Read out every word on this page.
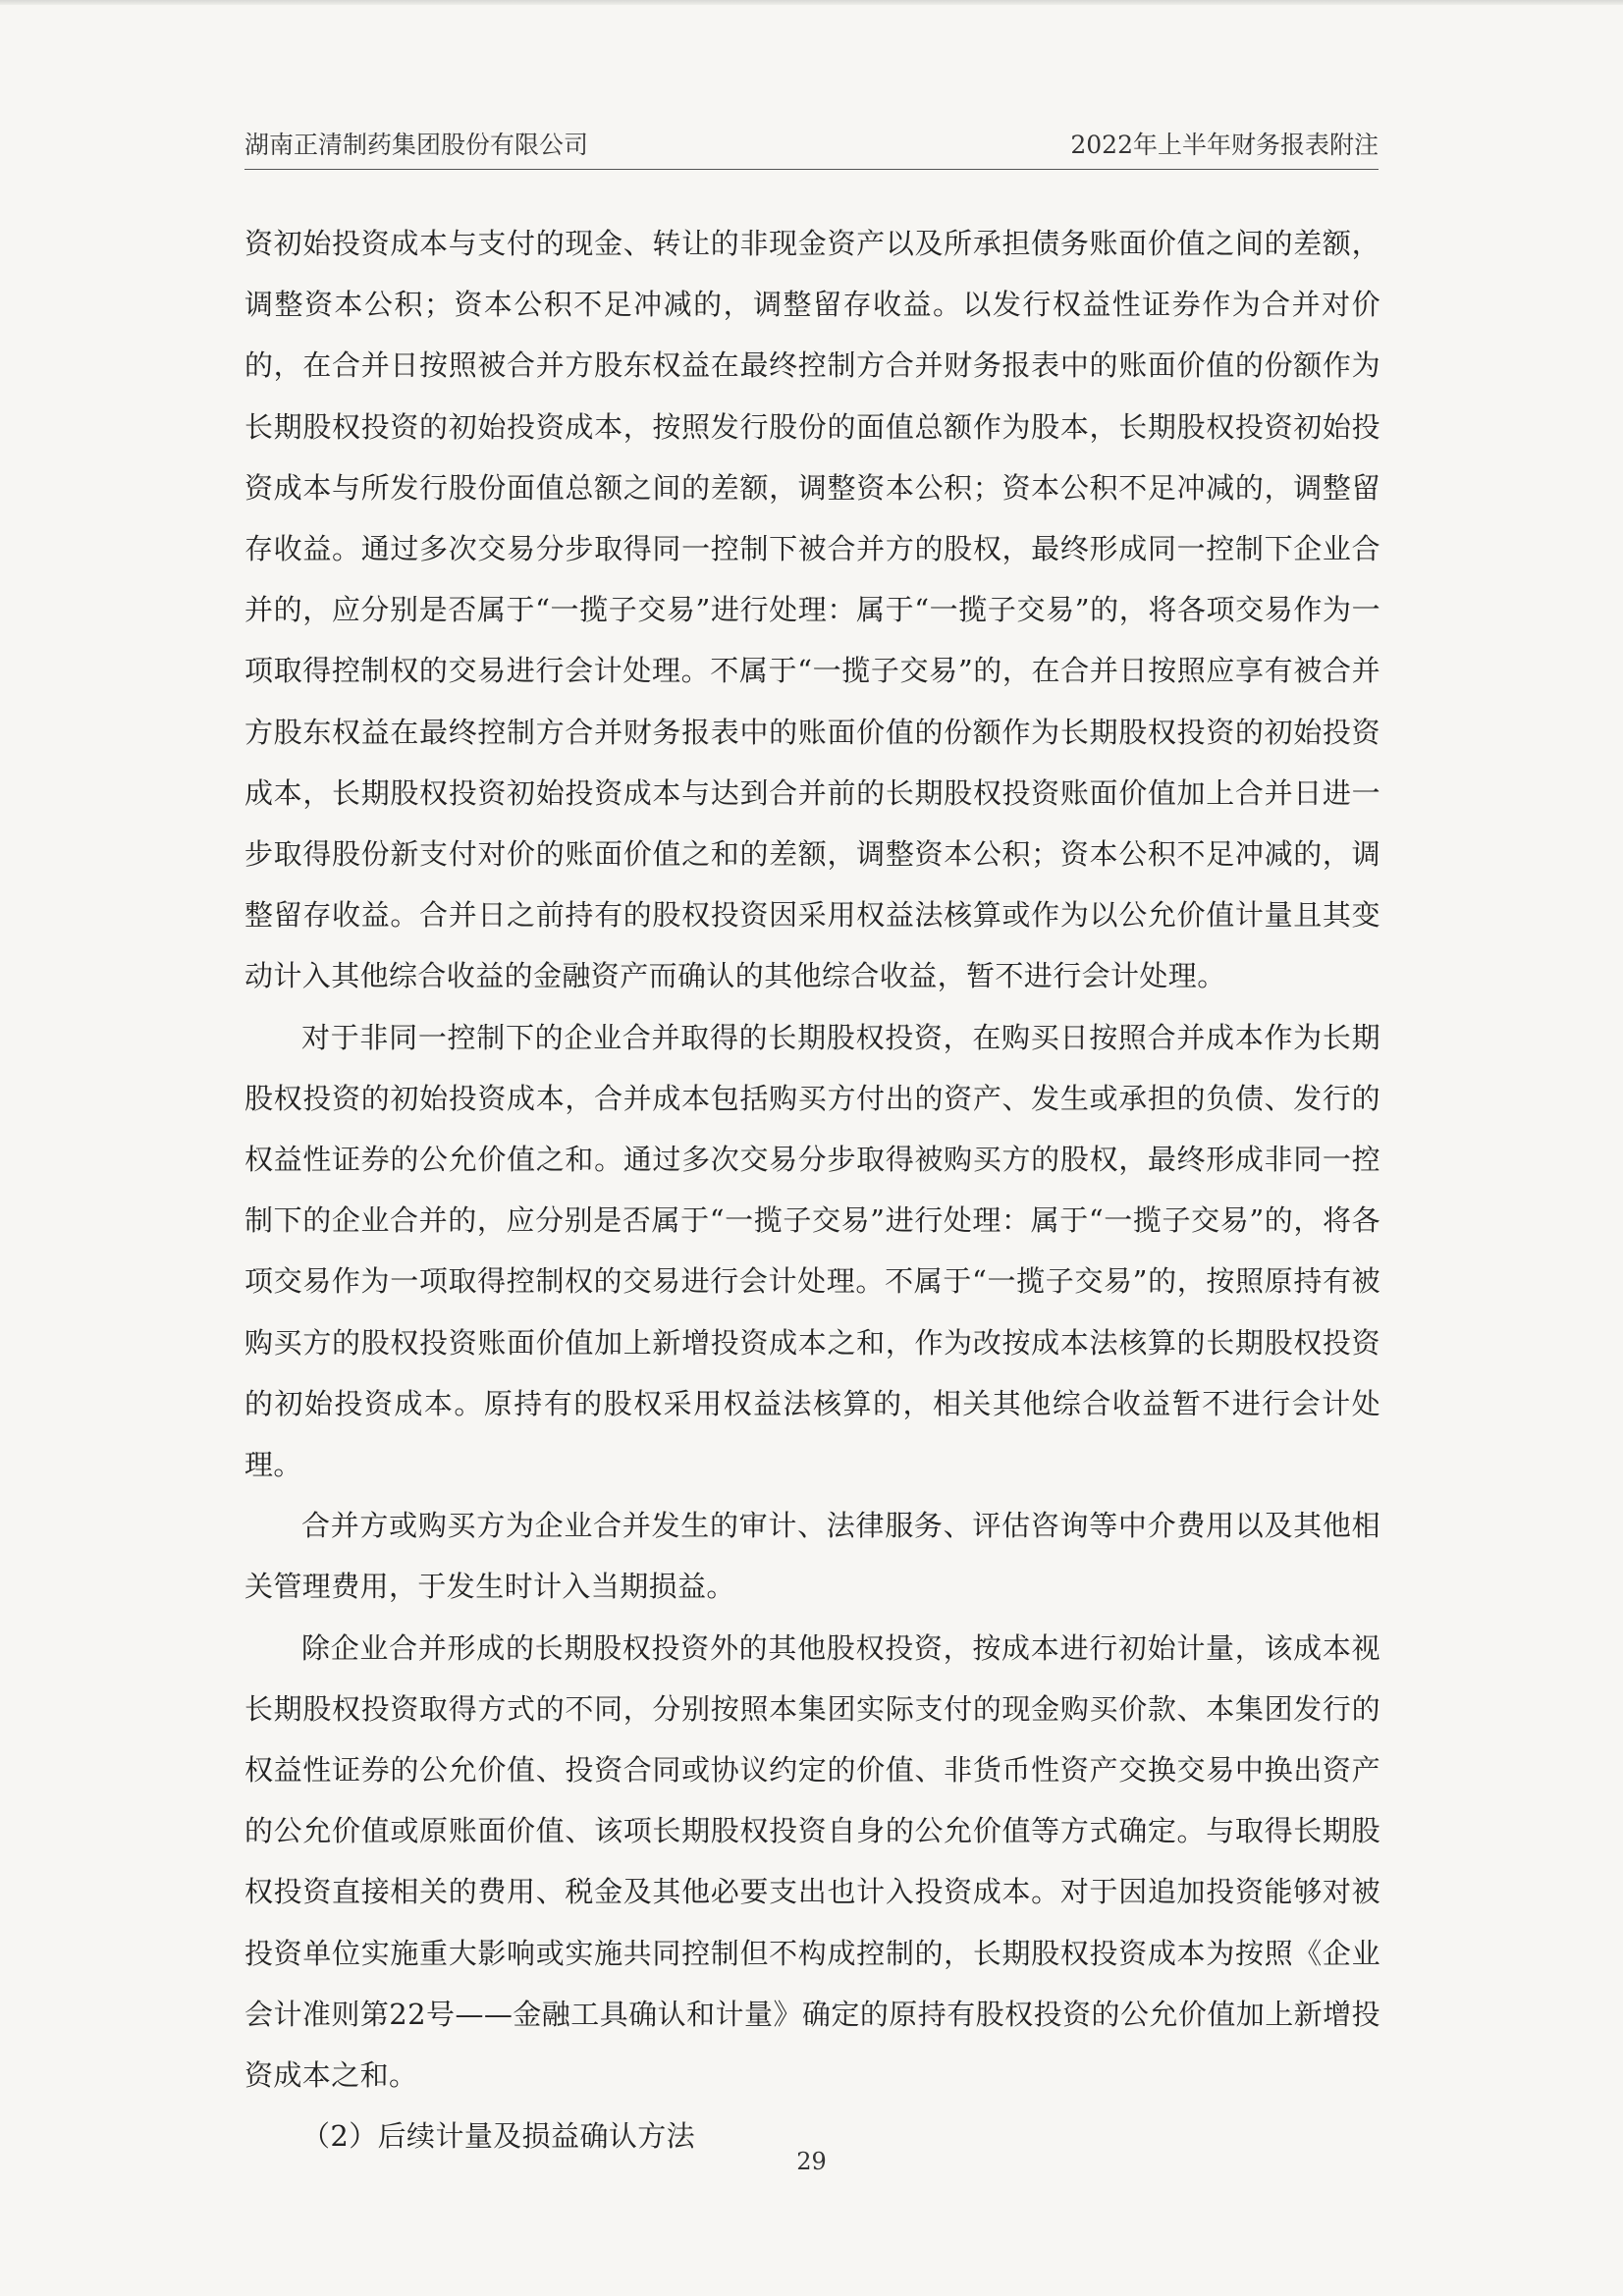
湖南正清制药集团股份有限公司	2022年上半年财务报表附注

资初始投资成本与支付的现金、转让的非现金资产以及所承担债务账面价值之间的差额，调整资本公积；资本公积不足冲减的，调整留存收益。以发行权益性证券作为合并对价的，在合并日按照被合并方股东权益在最终控制方合并财务报表中的账面价值的份额作为长期股权投资的初始投资成本，按照发行股份的面值总额作为股本，长期股权投资初始投资成本与所发行股份面值总额之间的差额，调整资本公积；资本公积不足冲减的，调整留存收益。通过多次交易分步取得同一控制下被合并方的股权，最终形成同一控制下企业合并的，应分别是否属于“一揽子交易”进行处理：属于“一揽子交易”的，将各项交易作为一项取得控制权的交易进行会计处理。不属于“一揽子交易”的，在合并日按照应享有被合并方股东权益在最终控制方合并财务报表中的账面价值的份额作为长期股权投资的初始投资成本，长期股权投资初始投资成本与达到合并前的长期股权投资账面价值加上合并日进一步取得股份新支付对价的账面价值之和的差额，调整资本公积；资本公积不足冲减的，调整留存收益。合并日之前持有的股权投资因采用权益法核算或作为以公允价值计量且其变动计入其他综合收益的金融资产而确认的其他综合收益，暂不进行会计处理。

对于非同一控制下的企业合并取得的长期股权投资，在购买日按照合并成本作为长期股权投资的初始投资成本，合并成本包括购买方付出的资产、发生或承担的负债、发行的权益性证券的公允价值之和。通过多次交易分步取得被购买方的股权，最终形成非同一控制下的企业合并的，应分别是否属于“一揽子交易”进行处理：属于“一揽子交易”的，将各项交易作为一项取得控制权的交易进行会计处理。不属于“一揽子交易”的，按照原持有被购买方的股权投资账面价值加上新增投资成本之和，作为改按成本法核算的长期股权投资的初始投资成本。原持有的股权采用权益法核算的，相关其他综合收益暂不进行会计处理。

合并方或购买方为企业合并发生的审计、法律服务、评估咨询等中介费用以及其他相关管理费用，于发生时计入当期损益。

除企业合并形成的长期股权投资外的其他股权投资，按成本进行初始计量，该成本视长期股权投资取得方式的不同，分别按照本集团实际支付的现金购买价款、本集团发行的权益性证券的公允价值、投资合同或协议约定的价值、非货币性资产交换交易中换出资产的公允价值或原账面价值、该项长期股权投资自身的公允价值等方式确定。与取得长期股权投资直接相关的费用、税金及其他必要支出也计入投资成本。对于因追加投资能够对被投资单位实施重大影响或实施共同控制但不构成控制的，长期股权投资成本为按照《企业会计准则第22号——金融工具确认和计量》确定的原持有股权投资的公允价值加上新增投资成本之和。

（2）后续计量及损益确认方法

29
